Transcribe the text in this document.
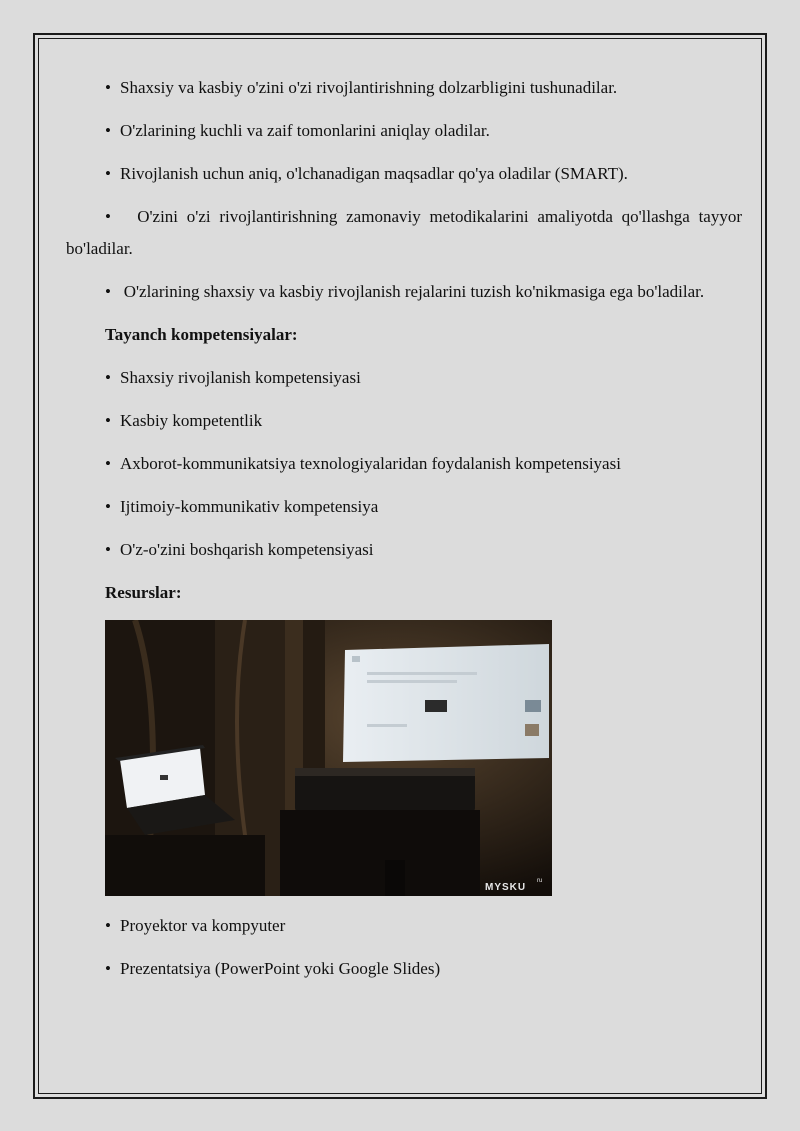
• Shaxsiy va kasbiy o'zini o'zi rivojlantirishning dolzarbligini tushunadilar.

• O'zlarining kuchli va zaif tomonlarini aniqlay oladilar.

• Rivojlanish uchun aniq, o'lchanadigan maqsadlar qo'ya oladilar (SMART).

•   O'zini o'zi rivojlantirishning zamonaviy metodikalarini amaliyotda qo'llashga tayyor bo'ladilar.

•   O'zlarining shaxsiy va kasbiy rivojlanish rejalarini tuzish ko'nikmasiga ega bo'ladilar.

Tayanch kompetensiyalar:

• Shaxsiy rivojlanish kompetensiyasi

• Kasbiy kompetentlik

• Axborot-kommunikatsiya texnologiyalaridan foydalanish kompetensiyasi

• Ijtimoiy-kommunikativ kompetensiya

• O'z-o'zini boshqarish kompetensiyasi

Resurslar:

MYSKU
ru

• Proyektor va kompyuter

• Prezentatsiya (PowerPoint yoki Google Slides)
